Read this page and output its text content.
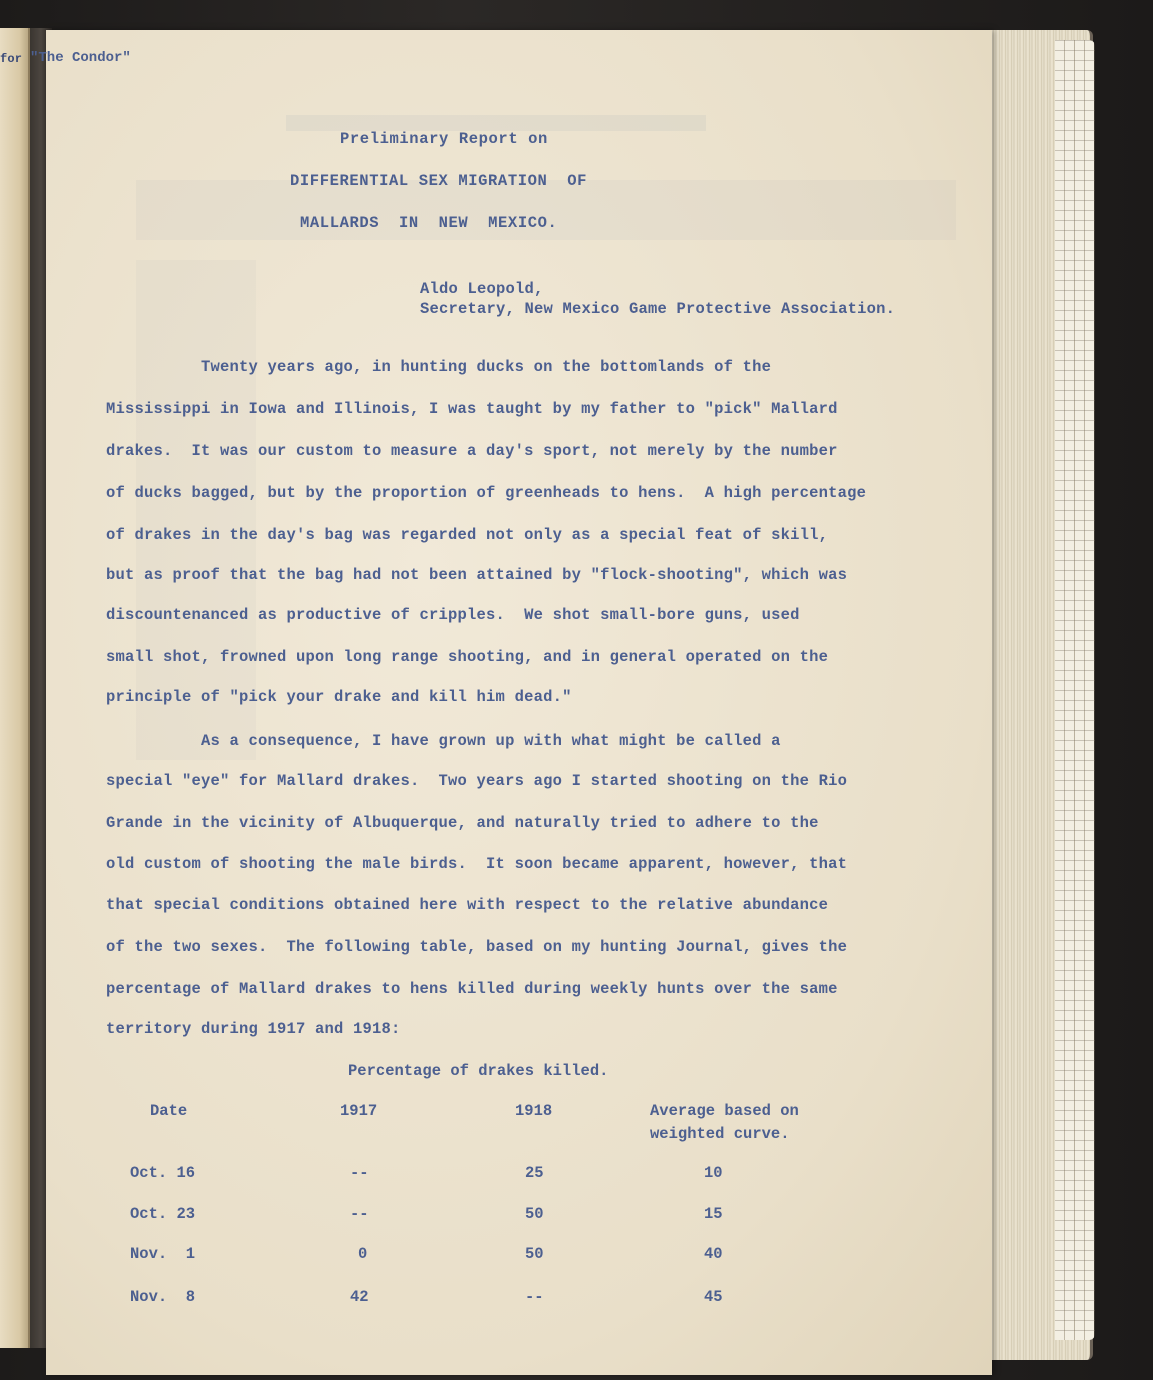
"The Condor"
for
Preliminary Report on
DIFFERENTIAL SEX MIGRATION  OF
MALLARDS  IN  NEW  MEXICO.
Aldo Leopold,
Secretary, New Mexico Game Protective Association.
Twenty years ago, in hunting ducks on the bottomlands of the
Mississippi in Iowa and Illinois, I was taught by my father to "pick" Mallard
drakes.  It was our custom to measure a day's sport, not merely by the number
of ducks bagged, but by the proportion of greenheads to hens.  A high percentage
of drakes in the day's bag was regarded not only as a special feat of skill,
but as proof that the bag had not been attained by "flock-shooting", which was
discountenanced as productive of cripples.  We shot small-bore guns, used
small shot, frowned upon long range shooting, and in general operated on the
principle of "pick your drake and kill him dead."
As a consequence, I have grown up with what might be called a
special "eye" for Mallard drakes.  Two years ago I started shooting on the Rio
Grande in the vicinity of Albuquerque, and naturally tried to adhere to the
old custom of shooting the male birds.  It soon became apparent, however, that
that special conditions obtained here with respect to the relative abundance
of the two sexes.  The following table, based on my hunting Journal, gives the
percentage of Mallard drakes to hens killed during weekly hunts over the same
territory during 1917 and 1918:
Percentage of drakes killed.
Date	1917	1918	Average based on
weighted curve.
Oct. 16	--	25	10
Oct. 23	--	50	15
Nov.  1	0	50	40
Nov.  8	42	--	45
